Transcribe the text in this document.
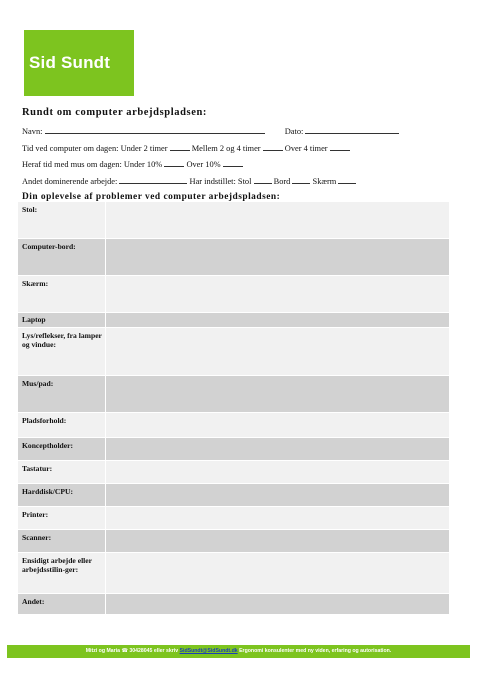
Sid Sundt
Rundt om computer arbejdspladsen:
Navn:	Dato:
Tid ved computer om dagen: Under 2 timer	Mellem 2 og 4 timer	Over 4 timer
Heraf tid med mus om dagen: Under 10%	Over 10%
Andet dominerende arbejde:	Har indstillet: Stol	Bord	Skærm
Din oplevelse af problemer ved computer arbejdspladsen:
Stol:
Computer-bord:
Skærm:
Laptop
Lys/reflekser, fra lamper og vindue:
Mus/pad:
Pladsforhold:
Konceptholder:
Tastatur:
Harddisk/CPU:
Printer:
Scanner:
Ensidigt arbejde eller arbejdsstilin-ger:
Andet:
Mitzi og Maria ☎ 30428045 eller skriv SidSundt@SidSundt.dk Ergonomi konsulenter med ny viden, erfaring og autorisation.
